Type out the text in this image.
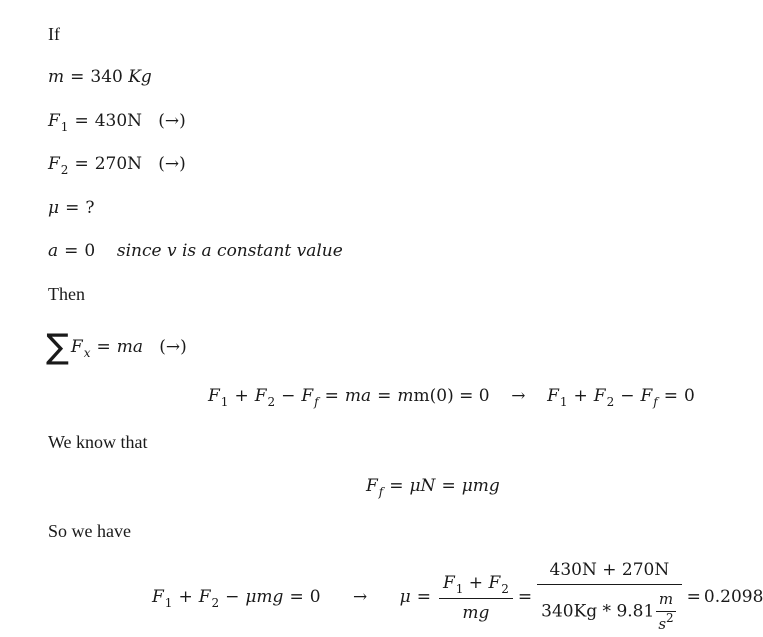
If
m = 340 Kg
$F_1 = 430N$ (→)
$F_2 = 270N$ (→)
μ = ?
a = 0 since v is a constant value
Then
∑ $F_x$ = ma (→)
$F_1 + F_2 - F_f$ = ma = $mm(0) = 0 \to F_1 + F_2 - F_f = 0$
We know that
$F_f = \mu N = \mu mg$
So we have
$F_1 + F_2 - \mu mg = 0$      → $\mu = \frac{F_1 + F_2}{mg} = \frac{430N + 270N}{340Kg * 9.81 \frac{m}{s^2}} = 0.2098$
